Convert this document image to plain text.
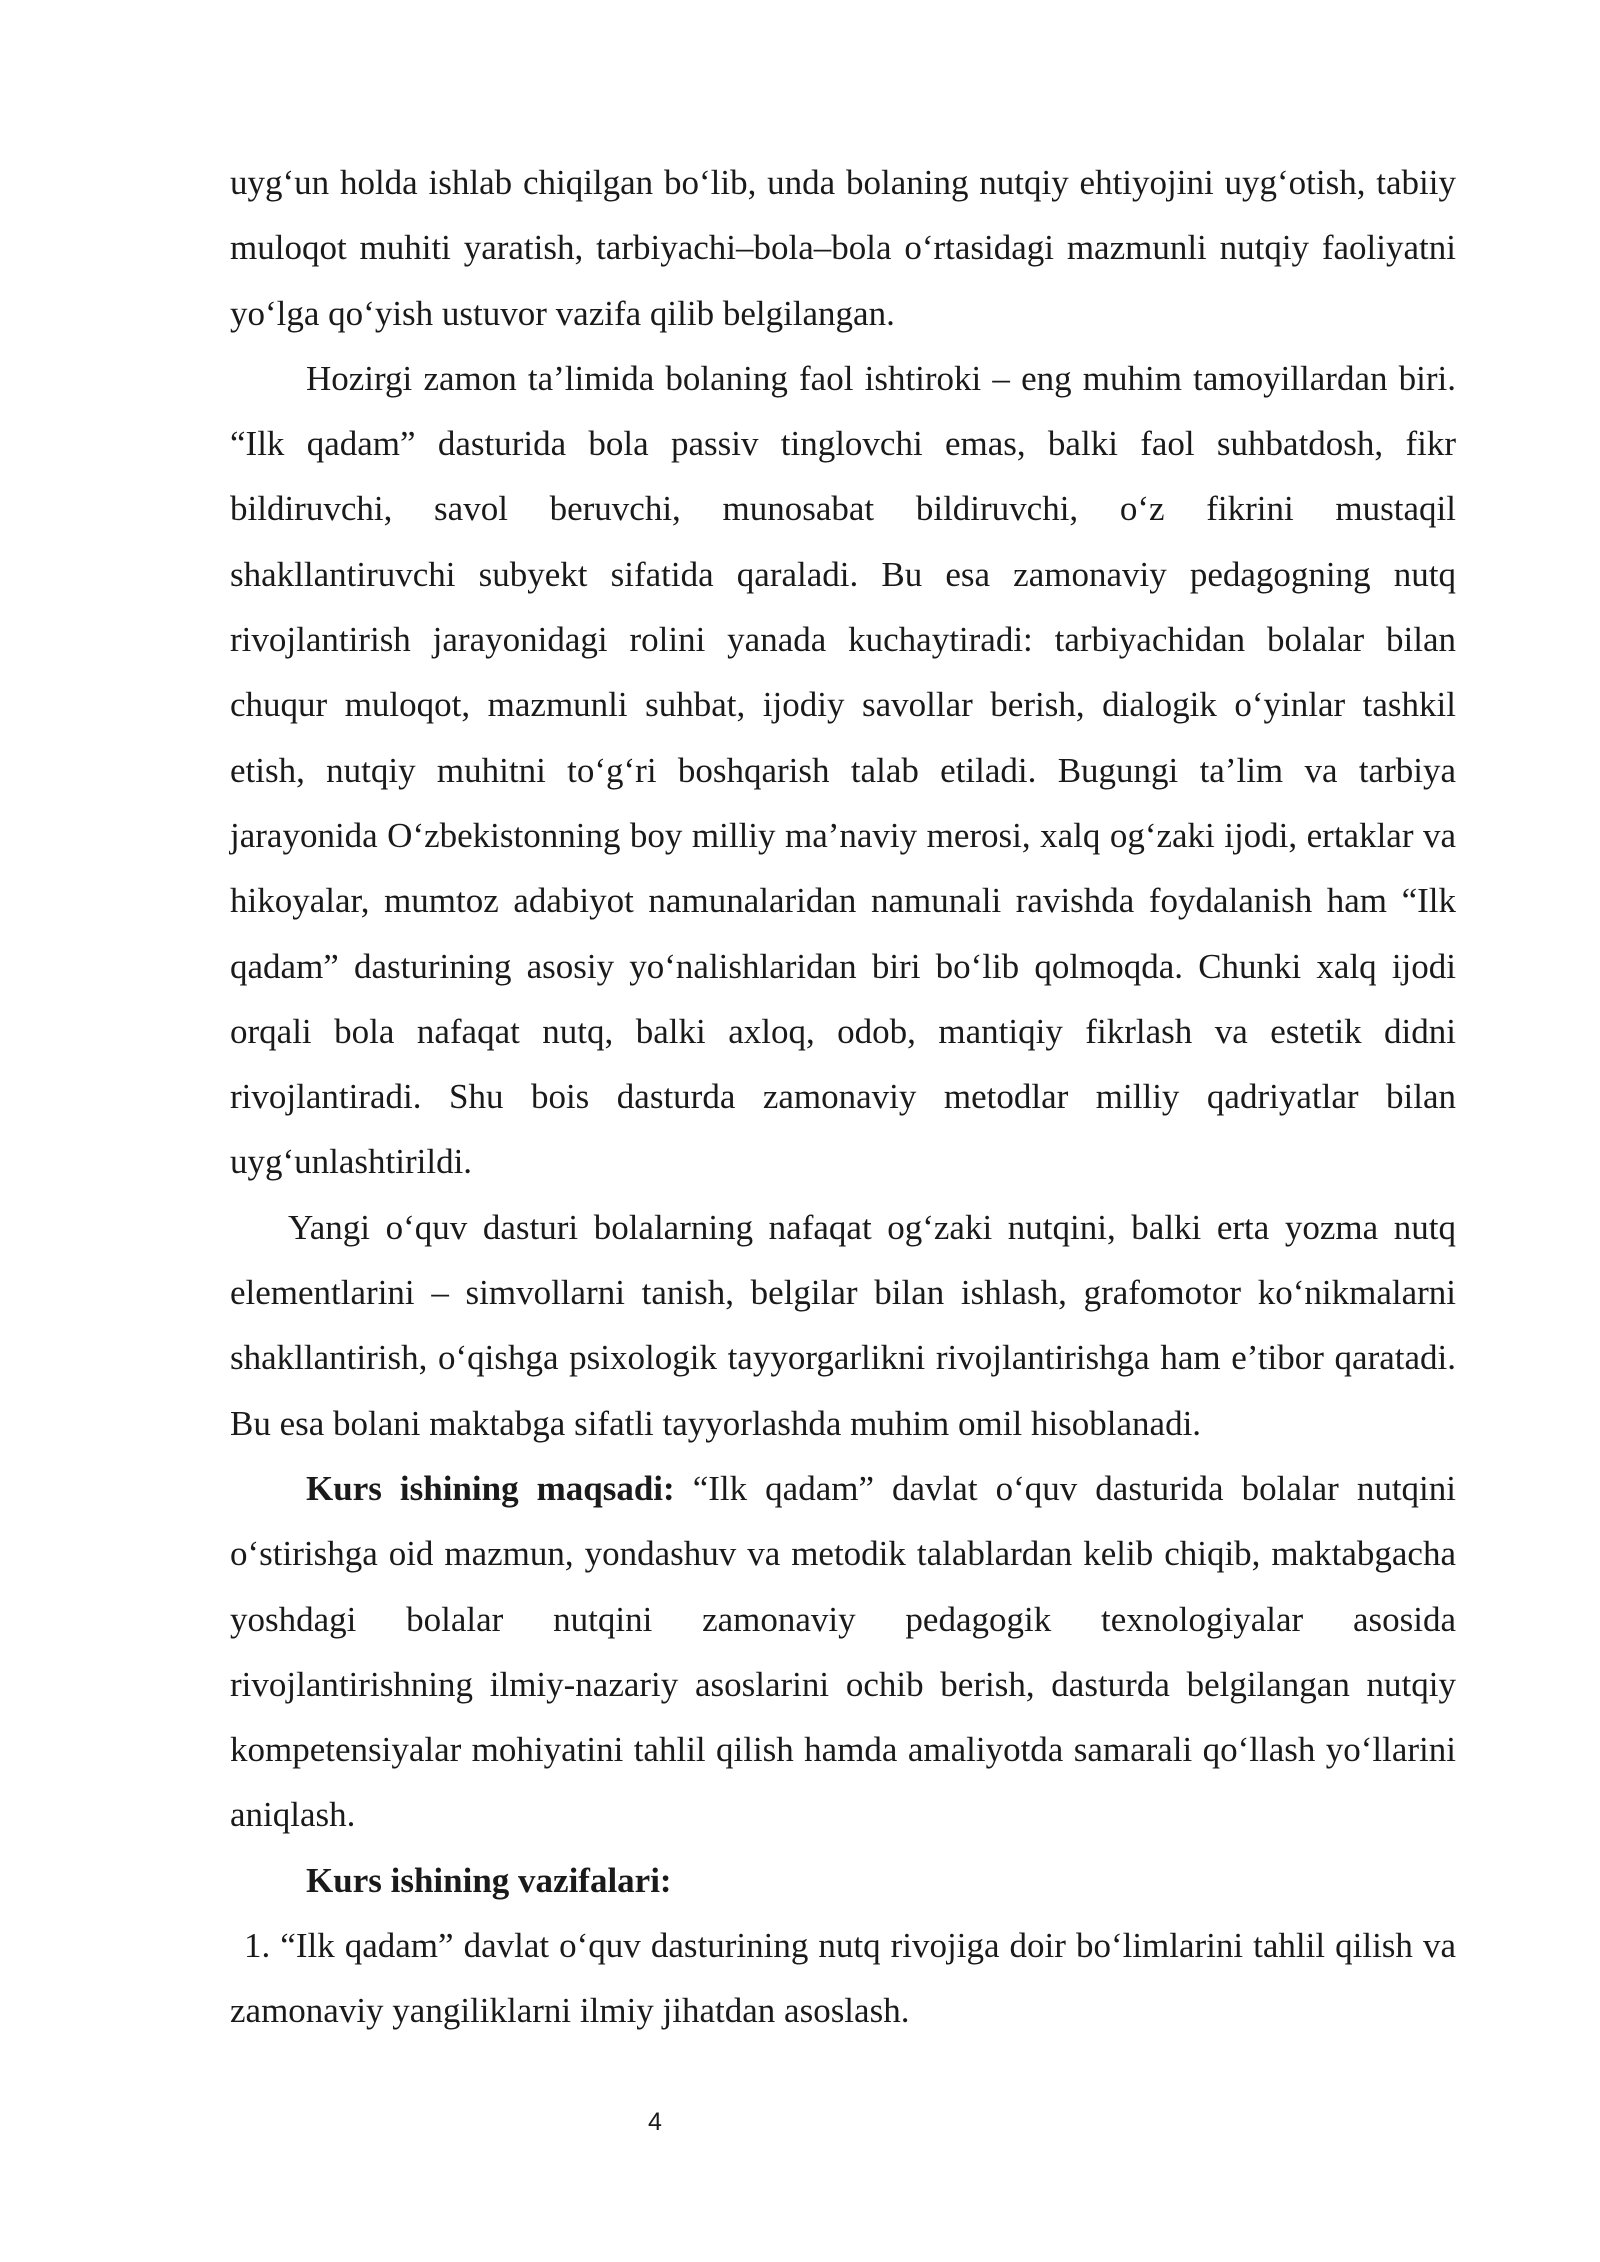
uyg‘un holda ishlab chiqilgan bo‘lib, unda bolaning nutqiy ehtiyojini uyg‘otish, tabiiy muloqot muhiti yaratish, tarbiyachi–bola–bola o‘rtasidagi mazmunli nutqiy faoliyatni yo‘lga qo‘yish ustuvor vazifa qilib belgilangan.

Hozirgi zamon ta’limida bolaning faol ishtiroki – eng muhim tamoyillardan biri. “Ilk qadam” dasturida bola passiv tinglovchi emas, balki faol suhbatdosh, fikr bildiruvchi, savol beruvchi, munosabat bildiruvchi, o‘z fikrini mustaqil shakllantiruvchi subyekt sifatida qaraladi. Bu esa zamonaviy pedagogning nutq rivojlantirish jarayonidagi rolini yanada kuchaytiradi: tarbiyachidan bolalar bilan chuqur muloqot, mazmunli suhbat, ijodiy savollar berish, dialogik o‘yinlar tashkil etish, nutqiy muhitni to‘g‘ri boshqarish talab etiladi. Bugungi ta’lim va tarbiya jarayonida O‘zbekistonning boy milliy ma’naviy merosi, xalq og‘zaki ijodi, ertaklar va hikoyalar, mumtoz adabiyot namunalaridan namunali ravishda foydalanish ham “Ilk qadam” dasturining asosiy yo‘nalishlaridan biri bo‘lib qolmoqda. Chunki xalq ijodi orqali bola nafaqat nutq, balki axloq, odob, mantiqiy fikrlash va estetik didni rivojlantiradi. Shu bois dasturda zamonaviy metodlar milliy qadriyatlar bilan uyg‘unlashtirildi.

Yangi o‘quv dasturi bolalarning nafaqat og‘zaki nutqini, balki erta yozma nutq elementlarini – simvollarni tanish, belgilar bilan ishlash, grafomotor ko‘nikmalarni shakllantirish, o‘qishga psixologik tayyorgarlikni rivojlantirishga ham e’tibor qaratadi. Bu esa bolani maktabga sifatli tayyorlashda muhim omil hisoblanadi.

Kurs ishining maqsadi: “Ilk qadam” davlat o‘quv dasturida bolalar nutqini o‘stirishga oid mazmun, yondashuv va metodik talablardan kelib chiqib, maktabgacha yoshdagi bolalar nutqini zamonaviy pedagogik texnologiyalar asosida rivojlantirishning ilmiy-nazariy asoslarini ochib berish, dasturda belgilangan nutqiy kompetensiyalar mohiyatini tahlil qilish hamda amaliyotda samarali qo‘llash yo‘llarini aniqlash.

Kurs ishining vazifalari:

1. “Ilk qadam” davlat o‘quv dasturining nutq rivojiga doir bo‘limlarini tahlil qilish va zamonaviy yangiliklarni ilmiy jihatdan asoslash.

4
